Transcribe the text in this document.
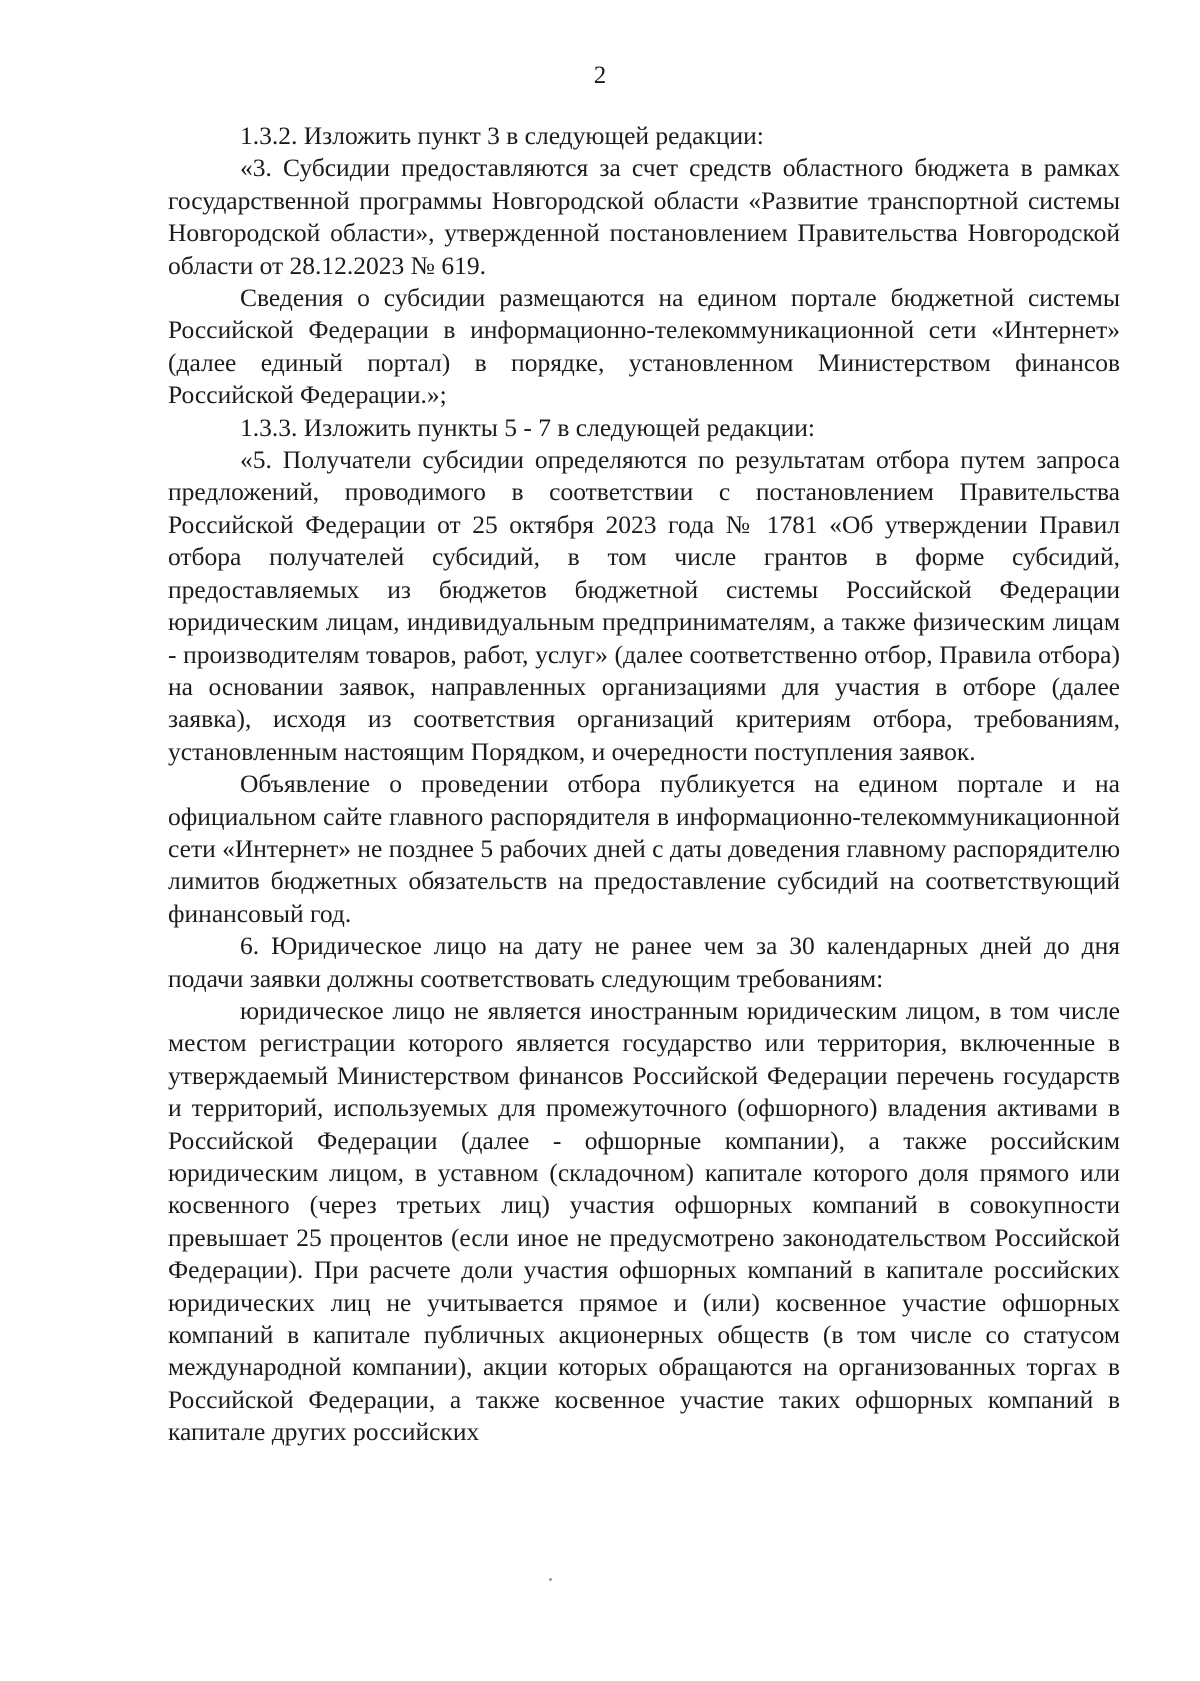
2

1.3.2. Изложить пункт 3 в следующей редакции:

«3. Субсидии предоставляются за счет средств областного бюджета в рамках государственной программы Новгородской области «Развитие транспортной системы Новгородской области», утвержденной постановлением Правительства Новгородской области от 28.12.2023 № 619.

Сведения о субсидии размещаются на едином портале бюджетной системы Российской Федерации в информационно-телекоммуникационной сети «Интернет» (далее единый портал) в порядке, установленном Министерством финансов Российской Федерации.»;

1.3.3. Изложить пункты 5 - 7 в следующей редакции:

«5. Получатели субсидии определяются по результатам отбора путем запроса предложений, проводимого в соответствии с постановлением Правительства Российской Федерации от 25 октября 2023 года № 1781 «Об утверждении Правил отбора получателей субсидий, в том числе грантов в форме субсидий, предоставляемых из бюджетов бюджетной системы Российской Федерации юридическим лицам, индивидуальным предпринимателям, а также физическим лицам - производителям товаров, работ, услуг» (далее соответственно отбор, Правила отбора) на основании заявок, направленных организациями для участия в отборе (далее заявка), исходя из соответствия организаций критериям отбора, требованиям, установленным настоящим Порядком, и очередности поступления заявок.

Объявление о проведении отбора публикуется на едином портале и на официальном сайте главного распорядителя в информационно-телекоммуникационной сети «Интернет» не позднее 5 рабочих дней с даты доведения главному распорядителю лимитов бюджетных обязательств на предоставление субсидий на соответствующий финансовый год.

6. Юридическое лицо на дату не ранее чем за 30 календарных дней до дня подачи заявки должны соответствовать следующим требованиям:

юридическое лицо не является иностранным юридическим лицом, в том числе местом регистрации которого является государство или территория, включенные в утверждаемый Министерством финансов Российской Федерации перечень государств и территорий, используемых для промежуточного (офшорного) владения активами в Российской Федерации (далее - офшорные компании), а также российским юридическим лицом, в уставном (складочном) капитале которого доля прямого или косвенного (через третьих лиц) участия офшорных компаний в совокупности превышает 25 процентов (если иное не предусмотрено законодательством Российской Федерации). При расчете доли участия офшорных компаний в капитале российских юридических лиц не учитывается прямое и (или) косвенное участие офшорных компаний в капитале публичных акционерных обществ (в том числе со статусом международной компании), акции которых обращаются на организованных торгах в Российской Федерации, а также косвенное участие таких офшорных компаний в капитале других российских
